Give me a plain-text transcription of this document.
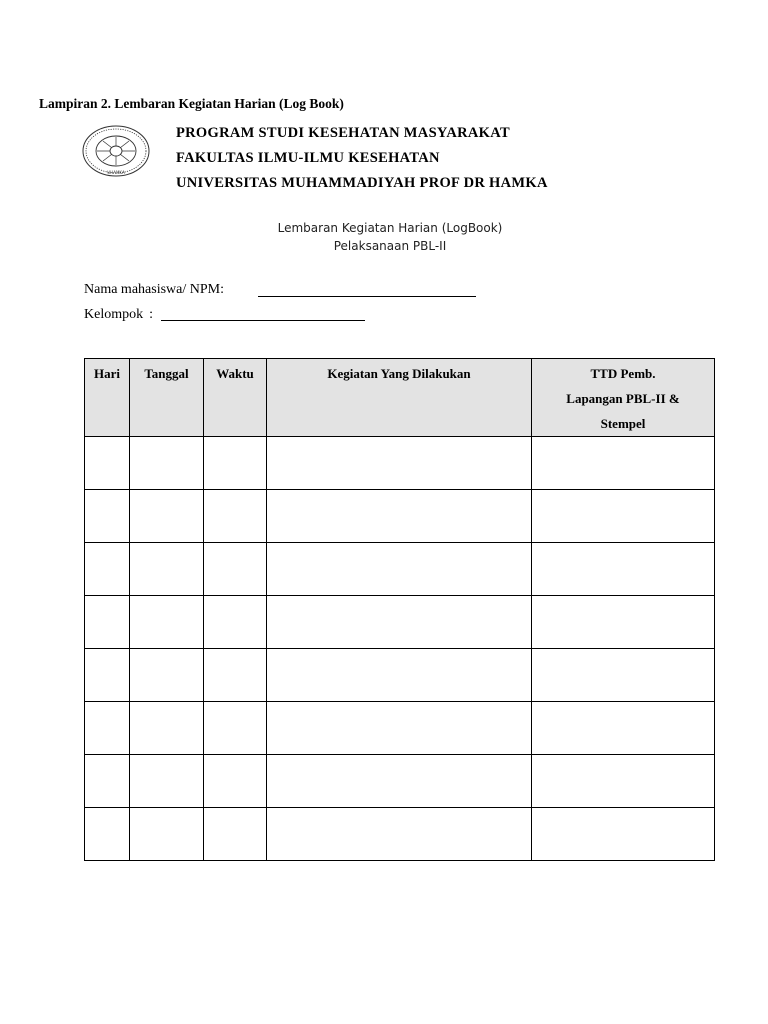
Lampiran 2. Lembaran Kegiatan Harian (Log Book)
UHAMKA
PROGRAM STUDI KESEHATAN MASYARAKAT
FAKULTAS ILMU-ILMU KESEHATAN
UNIVERSITAS MUHAMMADIYAH PROF DR HAMKA
Lembaran Kegiatan Harian (LogBook)
Pelaksanaan PBL-II
Nama mahasiswa/ NPM:
Kelompok :
Hari	Tanggal	Waktu	Kegiatan Yang Dilakukan	TTD Pemb.
Lapangan PBL-II &
Stempel
